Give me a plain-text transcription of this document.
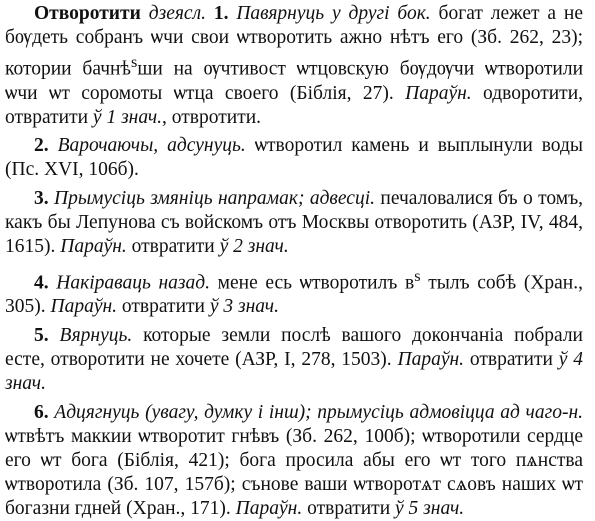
Отворотити дзеясл. 1. Павярнуць у другі бок. богат лежет а не бѹдеть собранъ ѡчи свои ѡтворотить ажно нѣтъ его (Зб. 262, 23); котории бачнѣ$^s$ши на ѹчтивост ѡтцовскую бѹдѹчи ѡтворотили ѡчи ѡт соромоты ѡтца своего (Біблія, 27). Параўн. одворотити, отвратити ў 1 знач., отвротити.

2. Варочаючы, адсунуць. ѡтворотил камень и выплынули воды (Пс. XVI, 106б).

3. Прымусіць змяніць напрамак; адвесці. печаловалися бъ о томъ, какъ бы Лепунова съ войскомъ отъ Москвы отворотить (АЗР, IV, 484, 1615). Параўн. отвратити ў 2 знач.

4. Накіраваць назад. мене есь ѡтворотилъ $в^s$ тылъ собѣ (Хран., 305). Параўн. отвратити ў 3 знач.

5. Вярнуць. которые земли послѣ вашого докончаніа побрали есте, отворотити не хочете (АЗР, I, 278, 1503). Параўн. отвратити ў 4 знач.

6. Адцягнуць (увагу, думку і інш); прымусіць адмовіцца ад чаго-н. ѡтвѣтъ маккии ѡтворотит гнѣвъ (Зб. 262, 100б); ѡтворотили сердце его ѡт бога (Біблія, 421); бога просила абы его ѡт того пѧнства ѡтворотила (Зб. 107, 157б); сънове ваши ѡтворотѧт сѧовъ наших ѡт богазни гдней (Хран., 171). Параўн. отвратити ў 5 знач.
